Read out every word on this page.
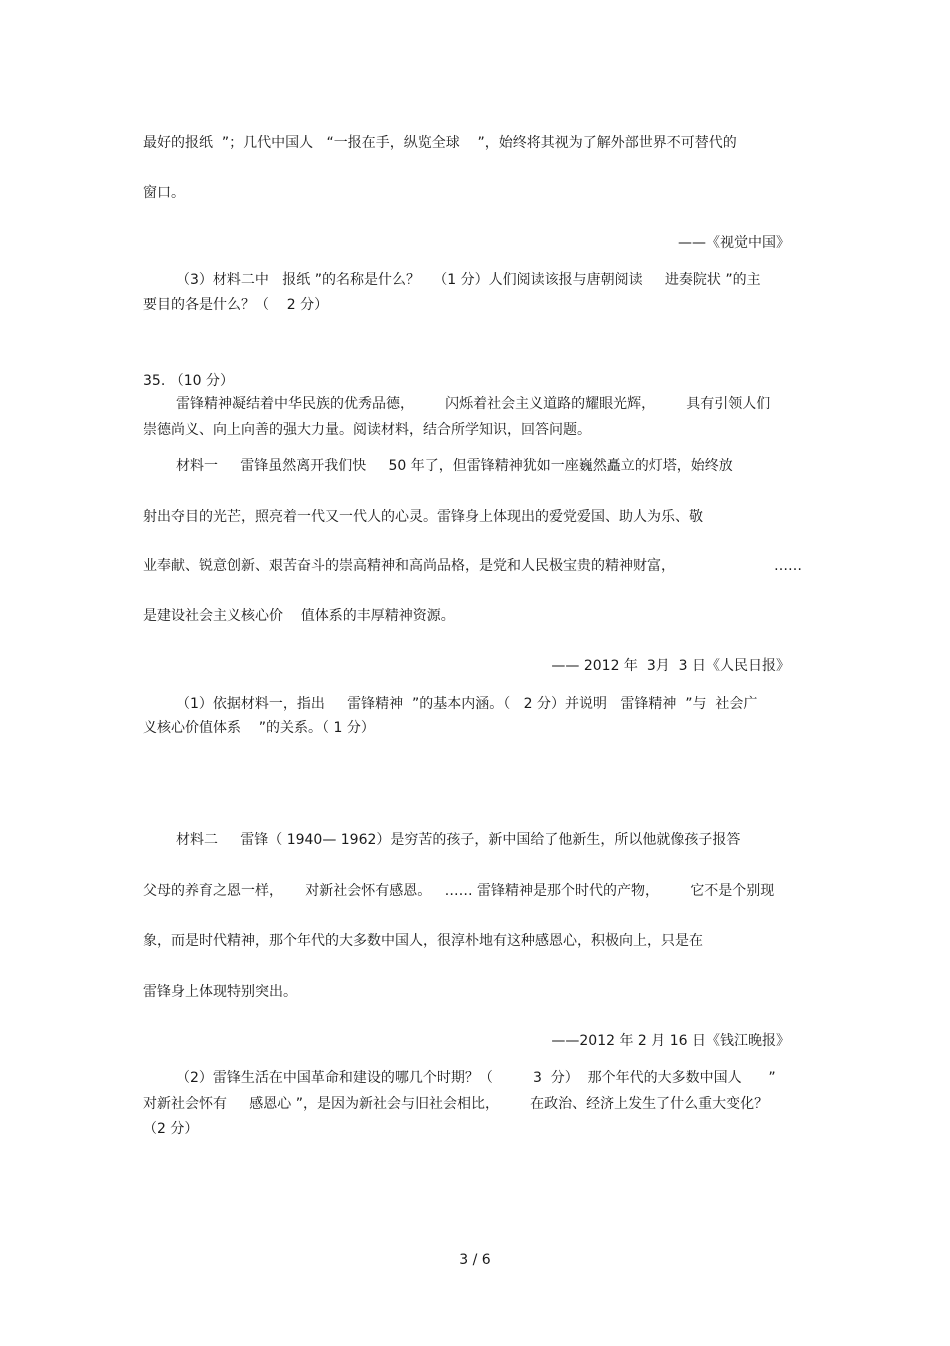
最好的报纸  ”；几代中国人   “一报在手，纵览全球    ”，始终将其视为了解外部世界不可替代的
窗口。
——《视觉中国》
（3）材料二中   报纸 ”的名称是什么？   （1 分）人们阅读该报与唐朝阅读     进奏院状 ”的主
要目的各是什么？（    2 分）
35. （10 分）
雷锋精神凝结着中华民族的优秀品德，       闪烁着社会主义道路的耀眼光辉，       具有引领人们
崇德尚义、向上向善的强大力量。阅读材料，结合所学知识，回答问题。
材料一     雷锋虽然离开我们快     50 年了，但雷锋精神犹如一座巍然矗立的灯塔，始终放
射出夺目的光芒，照亮着一代又一代人的心灵。雷锋身上体现出的爱党爱国、助人为乐、敬
业奉献、锐意创新、艰苦奋斗的崇高精神和高尚品格，是党和人民极宝贵的精神财富，	……
是建设社会主义核心价    值体系的丰厚精神资源。
—— 2012 年  3月  3 日《人民日报》
（1）依据材料一，指出     雷锋精神  ”的基本内涵。（   2 分）并说明   雷锋精神  ”与  社会广
义核心价值体系    ”的关系。（ 1 分）
材料二     雷锋（ 1940— 1962）是穷苦的孩子，新中国给了他新生，所以他就像孩子报答
父母的养育之恩一样，     对新社会怀有感恩。   …… 雷锋精神是那个时代的产物，       它不是个别现
象，而是时代精神，那个年代的大多数中国人，很淳朴地有这种感恩心，积极向上，只是在
雷锋身上体现特别突出。
——2012 年 2 月 16 日《钱江晚报》
（2）雷锋生活在中国革命和建设的哪几个时期？（         3  分）  那个年代的大多数中国人      ”
对新社会怀有     感恩心 ”，是因为新社会与旧社会相比，       在政治、经济上发生了什么重大变化？
（2 分）
3 / 6
